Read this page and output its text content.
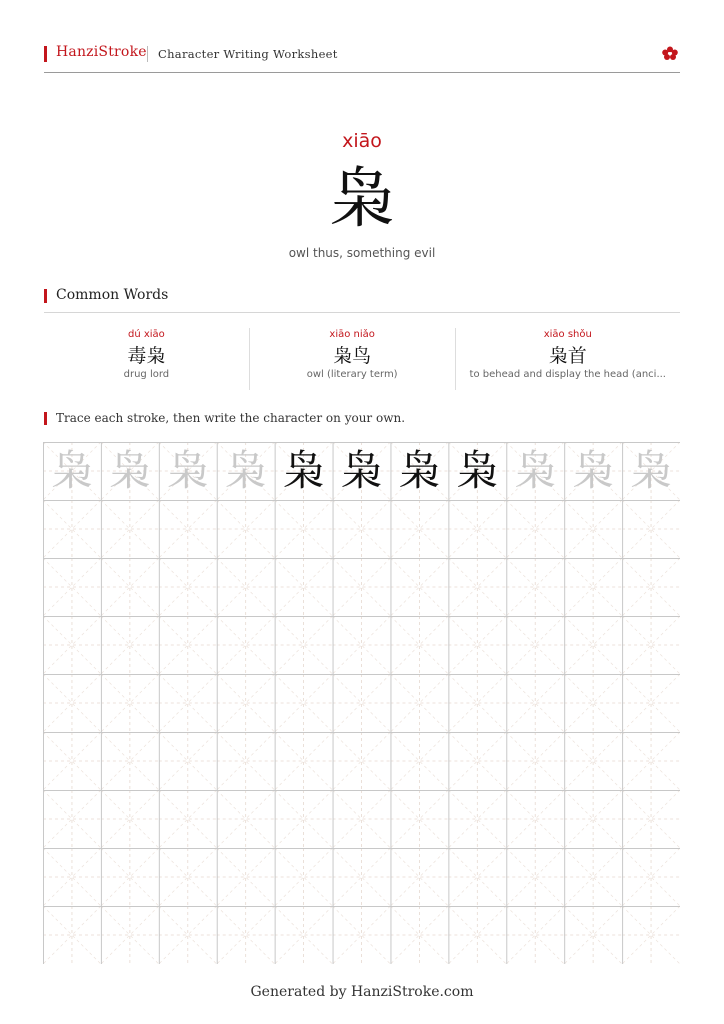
HanziStroke Character Writing Worksheet
xiāo
枭
owl thus, something evil
Common Words
dú xiāo
毒枭
drug lord
xiāo niǎo
枭鸟
owl (literary term)
xiāo shǒu
枭首
to behead and display the head (anci...
Trace each stroke, then write the character on your own.
枭 枭 枭 枭 枭 枭 枭 枭 枭 枭 枭
Generated by HanziStroke.com
